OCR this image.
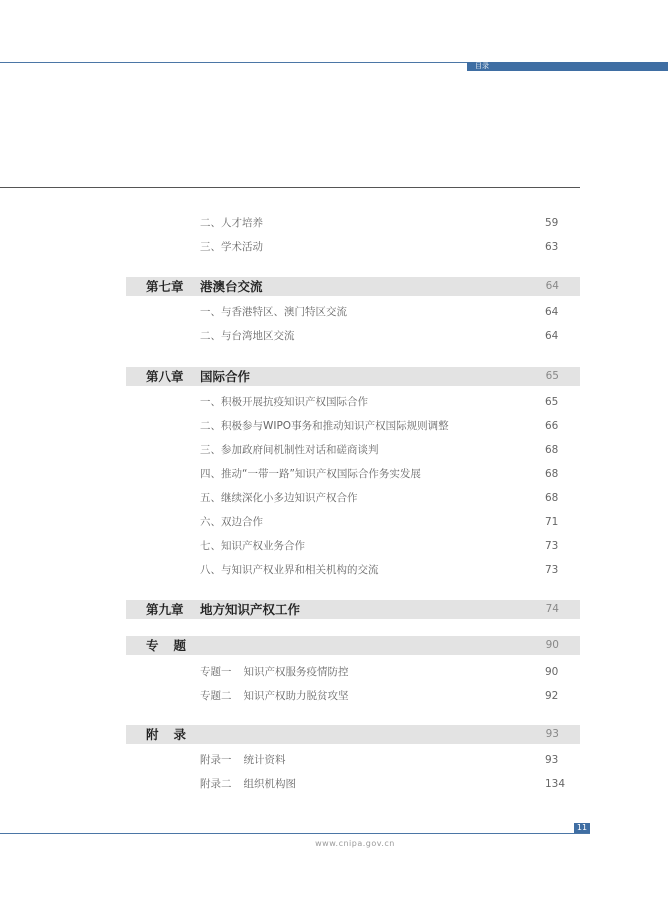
目录
二、人才培养	59
三、学术活动	63
第七章 港澳台交流	64
一、与香港特区、澳门特区交流	64
二、与台湾地区交流	64
第八章 国际合作	65
一、积极开展抗疫知识产权国际合作	65
二、积极参与WIPO事务和推动知识产权国际规则调整	66
三、参加政府间机制性对话和磋商谈判	68
四、推动“一带一路”知识产权国际合作务实发展	68
五、继续深化小多边知识产权合作	68
六、双边合作	71
七、知识产权业务合作	73
八、与知识产权业界和相关机构的交流	73
第九章 地方知识产权工作	74
专题	90
专题一 知识产权服务疫情防控	90
专题二 知识产权助力脱贫攻坚	92
附录	93
附录一 统计资料	93
附录二 组织机构图	134
11
www.cnipa.gov.cn
